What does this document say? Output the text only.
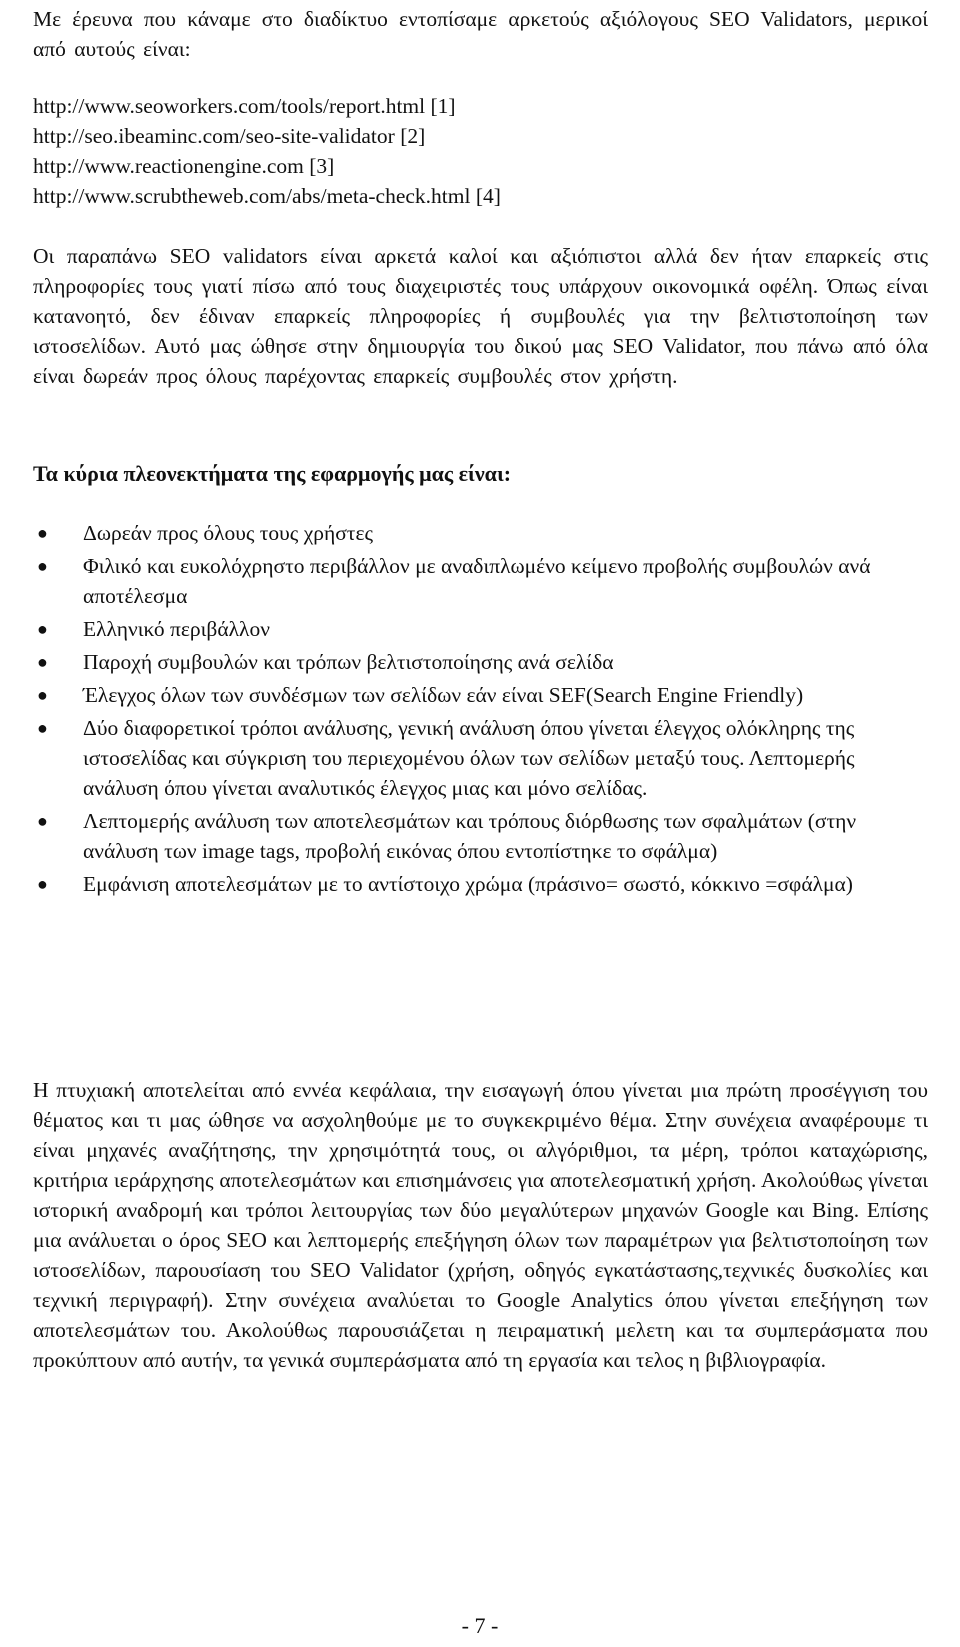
Με έρευνα που κάναμε στο διαδίκτυο εντοπίσαμε αρκετούς αξιόλογους SEO Validators, μερικοί από αυτούς είναι:

http://www.seoworkers.com/tools/report.html [1]
http://seo.ibeaminc.com/seo-site-validator [2]
http://www.reactionengine.com [3]
http://www.scrubtheweb.com/abs/meta-check.html [4]

Οι παραπάνω SEO validators είναι αρκετά καλοί και αξιόπιστοι αλλά δεν ήταν επαρκείς στις πληροφορίες τους γιατί πίσω από τους διαχειριστές τους υπάρχουν οικονομικά οφέλη. Όπως είναι κατανοητό, δεν έδιναν επαρκείς πληροφορίες ή συμβουλές για την βελτιστοποίηση των ιστοσελίδων. Αυτό μας ώθησε στην δημιουργία του δικού μας SEO Validator, που πάνω από όλα είναι δωρεάν προς όλους παρέχοντας επαρκείς συμβουλές στον χρήστη.

Τα κύρια πλεονεκτήματα της εφαρμογής μας είναι:

● Δωρεάν προς όλους τους χρήστες
● Φιλικό και ευκολόχρηστο περιβάλλον με αναδιπλωμένο κείμενο προβολής συμβουλών ανά αποτέλεσμα
● Ελληνικό περιβάλλον
● Παροχή συμβουλών και τρόπων βελτιστοποίησης ανά σελίδα
● Έλεγχος όλων των συνδέσμων των σελίδων εάν είναι SEF(Search Engine Friendly)
● Δύο διαφορετικοί τρόποι ανάλυσης, γενική ανάλυση όπου γίνεται έλεγχος ολόκληρης της ιστοσελίδας και σύγκριση του περιεχομένου όλων των σελίδων μεταξύ τους. Λεπτομερής ανάλυση όπου γίνεται αναλυτικός έλεγχος μιας και μόνο σελίδας.
● Λεπτομερής ανάλυση των αποτελεσμάτων και τρόπους διόρθωσης των σφαλμάτων (στην ανάλυση των image tags, προβολή εικόνας όπου εντοπίστηκε το σφάλμα)
● Εμφάνιση αποτελεσμάτων με το αντίστοιχο χρώμα (πράσινο= σωστό, κόκκινο =σφάλμα)

Η πτυχιακή αποτελείται από εννέα κεφάλαια, την εισαγωγή όπου γίνεται μια πρώτη προσέγγιση του θέματος και τι μας ώθησε να ασχοληθούμε με το συγκεκριμένο θέμα. Στην συνέχεια αναφέρουμε τι είναι μηχανές αναζήτησης, την χρησιμότητά τους, οι αλγόριθμοι, τα μέρη, τρόποι καταχώρισης, κριτήρια ιεράρχησης αποτελεσμάτων και επισημάνσεις για αποτελεσματική χρήση. Ακολούθως γίνεται ιστορική αναδρομή και τρόποι λειτουργίας των δύο μεγαλύτερων μηχανών Google και Bing. Επίσης μια ανάλυεται ο όρος SEO και λεπτομερής επεξήγηση όλων των παραμέτρων για βελτιστοποίηση των ιστοσελίδων, παρουσίαση του SEO Validator (χρήση, οδηγός εγκατάστασης,τεχνικές δυσκολίες και τεχνική περιγραφή). Στην συνέχεια αναλύεται το Google Analytics όπου γίνεται επεξήγηση των αποτελεσμάτων του. Ακολούθως παρουσιάζεται η πειραματική μελετη και τα συμπεράσματα που προκύπτουν από αυτήν, τα γενικά συμπεράσματα από τη εργασία και τελος η βιβλιογραφία.

- 7 -
